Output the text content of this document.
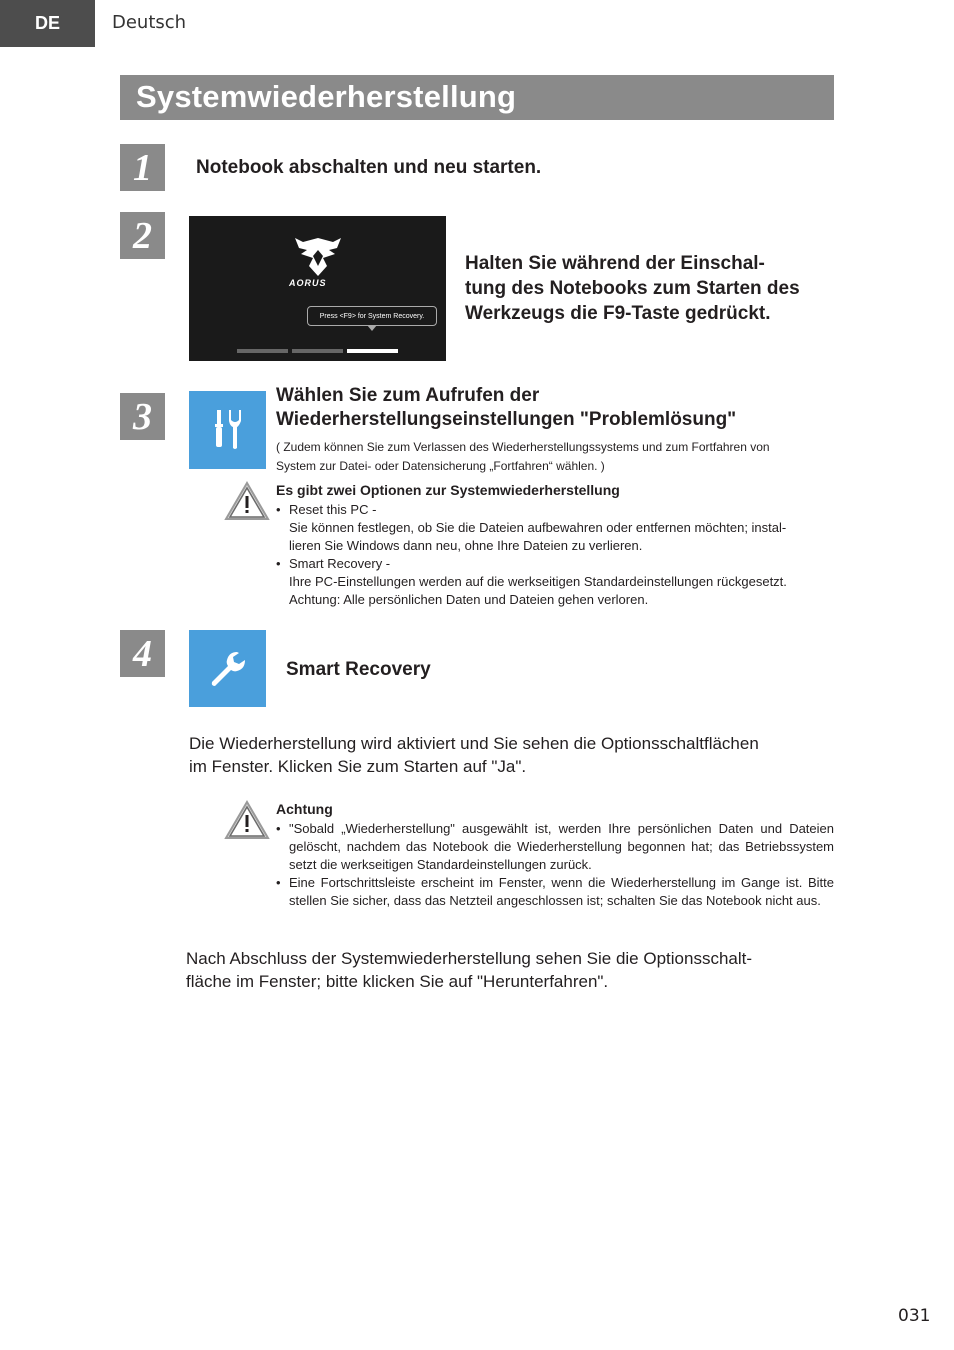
DE	Deutsch
Systemwiederherstellung
1	Notebook abschalten und neu starten.
2
AORUS
Press <F9> for System Recovery.
Halten Sie während der Einschal-
tung des Notebooks zum Starten des
Werkzeugs die F9-Taste gedrückt.
3	Wählen Sie zum Aufrufen der
Wiederherstellungseinstellungen "Problemlösung"
( Zudem können Sie zum Verlassen des Wiederherstellungssystems und zum Fortfahren von
System zur Datei- oder Datensicherung „Fortfahren“ wählen. )
Es gibt zwei Optionen zur Systemwiederherstellung
• Reset this PC -
Sie können festlegen, ob Sie die Dateien aufbewahren oder entfernen möchten; instal-
lieren Sie Windows dann neu, ohne Ihre Dateien zu verlieren.
• Smart Recovery -
Ihre PC-Einstellungen werden auf die werkseitigen Standardeinstellungen rückgesetzt.
Achtung: Alle persönlichen Daten und Dateien gehen verloren.
4	Smart Recovery
Die Wiederherstellung wird aktiviert und Sie sehen die Optionsschaltflächen
im Fenster. Klicken Sie zum Starten auf "Ja".
Achtung
• "Sobald „Wiederherstellung" ausgewählt ist, werden Ihre persönlichen Daten und Dateien gelöscht, nachdem das Notebook die Wiederherstellung begonnen hat; das Betriebssystem setzt die werkseitigen Standardeinstellungen zurück.
• Eine Fortschrittsleiste erscheint im Fenster, wenn die Wiederherstellung im Gange ist. Bitte stellen Sie sicher, dass das Netzteil angeschlossen ist; schalten Sie das Notebook nicht aus.
Nach Abschluss der Systemwiederherstellung sehen Sie die Optionsschalt-
fläche im Fenster; bitte klicken Sie auf "Herunterfahren".
031
